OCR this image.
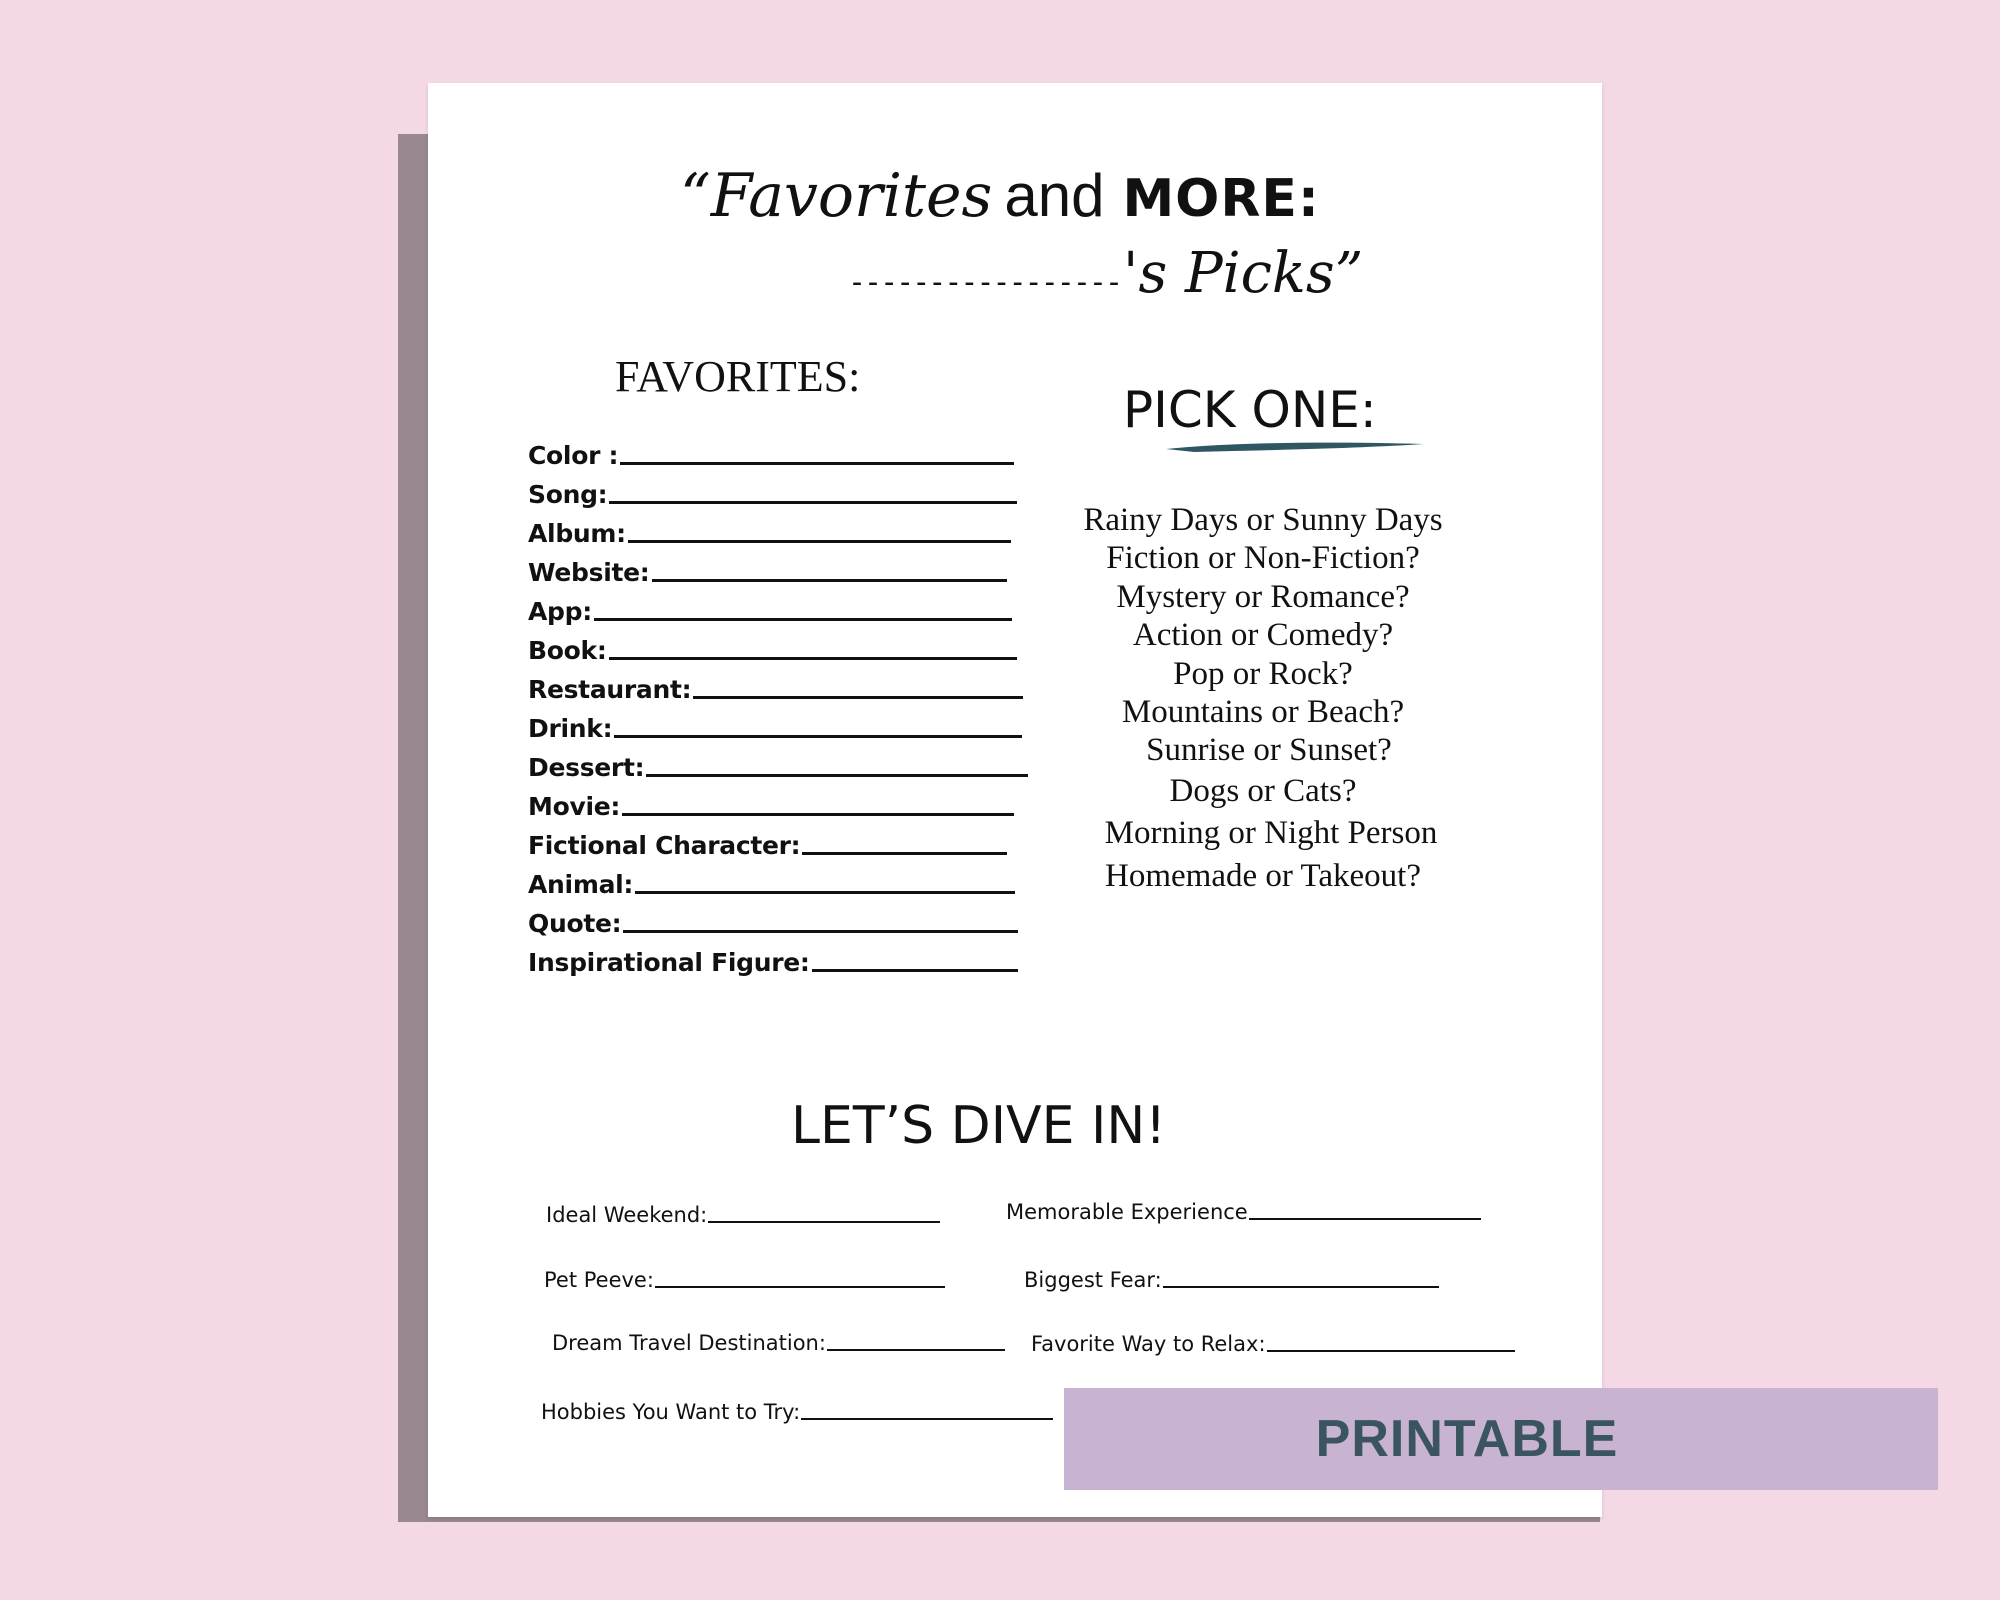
“Favorites and MORE:
----------------- 's Picks”
FAVORITES:
Color :
Song:
Album:
Website:
App:
Book:
Restaurant:
Drink:
Dessert:
Movie:
Fictional Character:
Animal:
Quote:
Inspirational Figure:
PICK ONE:
Rainy Days or Sunny Days
Fiction or Non-Fiction?
Mystery or Romance?
Action or Comedy?
Pop or Rock?
Mountains or Beach?
Sunrise or Sunset?
Dogs or Cats?
Morning or Night Person
Homemade or Takeout?
LET’S DIVE IN!
Ideal Weekend:	Memorable Experience
Pet Peeve:	Biggest Fear:
Dream Travel Destination:	Favorite Way to Relax:
Hobbies You Want to Try:	PRINTABLE
